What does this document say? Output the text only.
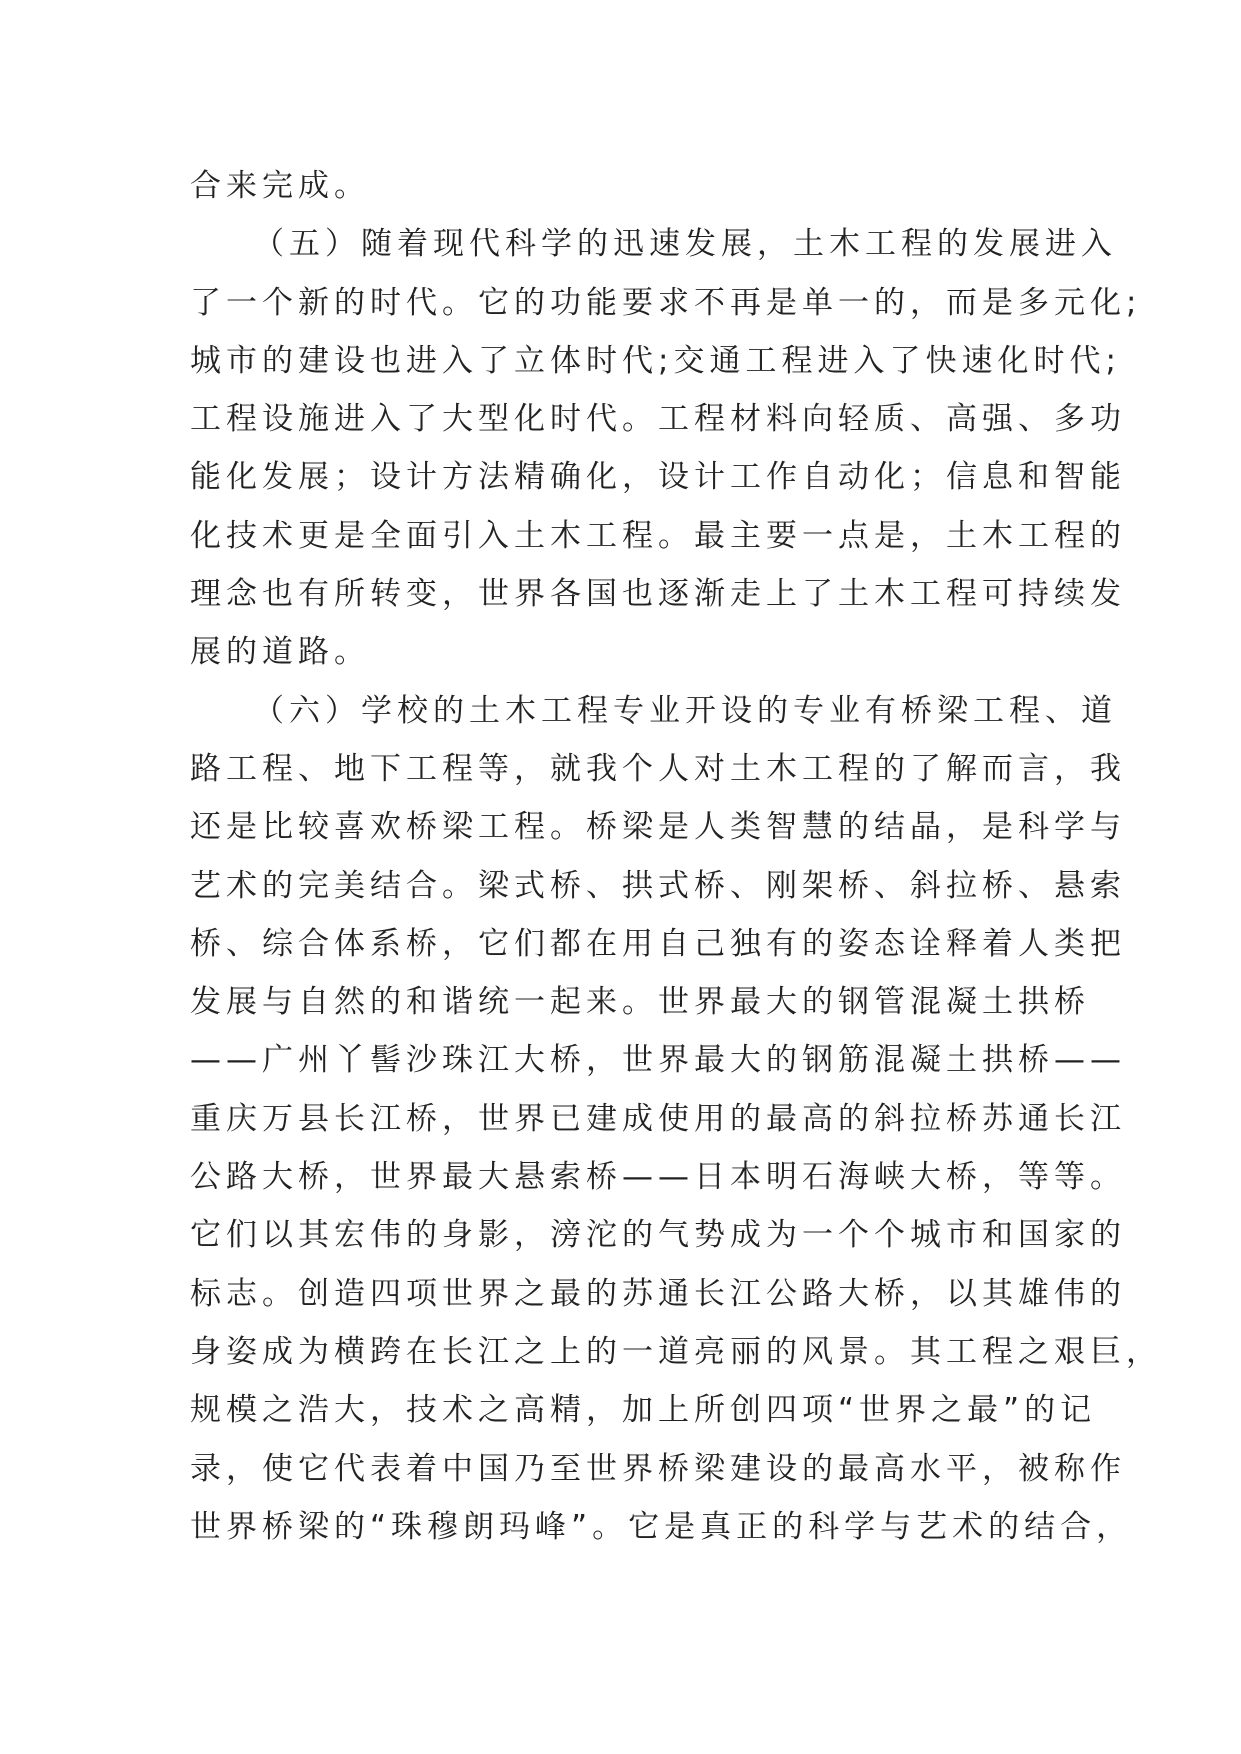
合来完成。
（五）随着现代科学的迅速发展，土木工程的发展进入
了一个新的时代。它的功能要求不再是单一的，而是多元化;
城市的建设也进入了立体时代;交通工程进入了快速化时代;
工程设施进入了大型化时代。工程材料向轻质、高强、多功
能化发展；设计方法精确化，设计工作自动化；信息和智能
化技术更是全面引入土木工程。最主要一点是，土木工程的
理念也有所转变，世界各国也逐渐走上了土木工程可持续发
展的道路。
（六）学校的土木工程专业开设的专业有桥梁工程、道
路工程、地下工程等，就我个人对土木工程的了解而言，我
还是比较喜欢桥梁工程。桥梁是人类智慧的结晶，是科学与
艺术的完美结合。梁式桥、拱式桥、刚架桥、斜拉桥、悬索
桥、综合体系桥，它们都在用自己独有的姿态诠释着人类把
发展与自然的和谐统一起来。世界最大的钢管混凝土拱桥
——广州丫髻沙珠江大桥，世界最大的钢筋混凝土拱桥——
重庆万县长江桥，世界已建成使用的最高的斜拉桥苏通长江
公路大桥，世界最大悬索桥——日本明石海峡大桥，等等。
它们以其宏伟的身影，滂沱的气势成为一个个城市和国家的
标志。创造四项世界之最的苏通长江公路大桥，以其雄伟的
身姿成为横跨在长江之上的一道亮丽的风景。其工程之艰巨，
规模之浩大，技术之高精，加上所创四项“世界之最”的记
录，使它代表着中国乃至世界桥梁建设的最高水平，被称作
世界桥梁的“珠穆朗玛峰”。它是真正的科学与艺术的结合，
